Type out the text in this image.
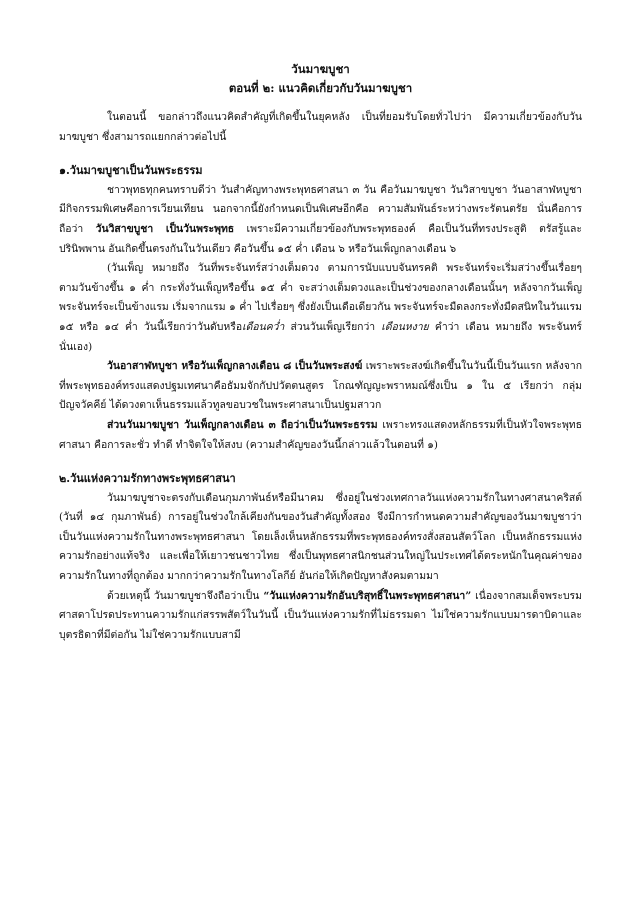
วันมาฆบูชา

ตอนที่ ๒: แนวคิดเกี่ยวกับวันมาฆบูชา

ในตอนนี้ ขอกล่าวถึงแนวคิดสำคัญที่เกิดขึ้นในยุคหลัง เป็นที่ยอมรับโดยทั่วไปว่า มีความเกี่ยวข้องกับวันมาฆบูชา ซึ่งสามารถแยกกล่าวต่อไปนี้

๑.วันมาฆบูชาเป็นวันพระธรรม

ชาวพุทธทุกคนทราบดีว่า วันสำคัญทางพระพุทธศาสนา ๓ วัน คือวันมาฆบูชา วันวิสาขบูชา วันอาสาฬหบูชา มีกิจกรรมพิเศษคือการเวียนเทียน นอกจากนี้ยังกำหนดเป็นพิเศษอีกคือ ความสัมพันธ์ระหว่างพระรัตนตรัย นั่นคือการถือว่า วันวิสาขบูชา เป็นวันพระพุทธ เพราะมีความเกี่ยวข้องกับพระพุทธองค์ คือเป็นวันที่ทรงประสูติ ตรัสรู้และปรินิพพาน อันเกิดขึ้นตรงกันในวันเดียว คือวันขึ้น ๑๕ ค่ำ เดือน ๖ หรือวันเพ็ญกลางเดือน ๖

(วันเพ็ญ หมายถึง วันที่พระจันทร์สว่างเต็มดวง ตามการนับแบบจันทรคติ พระจันทร์จะเริ่มสว่างขึ้นเรื่อยๆ ตามวันข้างขึ้น ๑ ค่ำ กระทั่งวันเพ็ญหรือขึ้น ๑๕ ค่ำ จะสว่างเต็มดวงและเป็นช่วงของกลางเดือนนั้นๆ หลังจากวันเพ็ญ พระจันทร์จะเป็นข้างแรม เริ่มจากแรม ๑ ค่ำ ไปเรื่อยๆ ซึ่งยังเป็นเดือเดียวกัน พระจันทร์จะมืดลงกระทั่งมืดสนิทในวันแรม ๑๕ หรือ ๑๔ ค่ำ วันนี้เรียกว่าวันดับหรือเดือนคว่ำ ส่วนวันเพ็ญเรียกว่า เดือนหงาย คำว่า เดือน หมายถึง พระจันทร์นั่นเอง)

วันอาสาฬหบูชา หรือวันเพ็ญกลางเดือน ๘ เป็นวันพระสงฆ์ เพราะพระสงฆ์เกิดขึ้นในวันนี้เป็นวันแรก หลังจากที่พระพุทธองค์ทรงแสดงปฐมเทศนาคือธัมมจักกัปปวัตตนสูตร โกณฑัญญะพราหมณ์ซึ่งเป็น ๑ ใน ๕ เรียกว่า กลุ่มปัญจวัคคีย์ ได้ดวงตาเห็นธรรมแล้วทูลขอบวชในพระศาสนาเป็นปฐมสาวก

ส่วนวันมาฆบูชา วันเพ็ญกลางเดือน ๓ ถือว่าเป็นวันพระธรรม เพราะทรงแสดงหลักธรรมที่เป็นหัวใจพระพุทธศาสนา คือการละชั่ว ทำดี ทำจิตใจให้สงบ (ความสำคัญของวันนี้กล่าวแล้วในตอนที่ ๑)

๒.วันแห่งความรักทางพระพุทธศาสนา

วันมาฆบูชาจะตรงกับเดือนกุมภาพันธ์หรือมีนาคม ซึ่งอยู่ในช่วงเทศกาลวันแห่งความรักในทางศาสนาคริสต์ (วันที่ ๑๔ กุมภาพันธ์) การอยู่ในช่วงใกล้เคียงกันของวันสำคัญทั้งสอง จึงมีการกำหนดความสำคัญของวันมาฆบูชาว่า เป็นวันแห่งความรักในทางพระพุทธศาสนา โดยเล็งเห็นหลักธรรมที่พระพุทธองค์ทรงสั่งสอนสัตว์โลก เป็นหลักธรรมแห่งความรักอย่างแท้จริง และเพื่อให้เยาวชนชาวไทย ซึ่งเป็นพุทธศาสนิกชนส่วนใหญ่ในประเทศได้ตระหนักในคุณค่าของความรักในทางที่ถูกต้อง มากกว่าความรักในทางโลกีย์ อันก่อให้เกิดปัญหาสังคมตามมา

ด้วยเหตุนี้ วันมาฆบูชาจึงถือว่าเป็น “วันแห่งความรักอันบริสุทธิ์ในพระพุทธศาสนา” เนื่องจากสมเด็จพระบรมศาสดาโปรดประทานความรักแก่สรรพสัตว์ในวันนี้ เป็นวันแห่งความรักที่ไม่ธรรมดา ไม่ใช่ความรักแบบมารดาบิดาและบุตรธิดาที่มีต่อกัน ไม่ใช่ความรักแบบสามี
